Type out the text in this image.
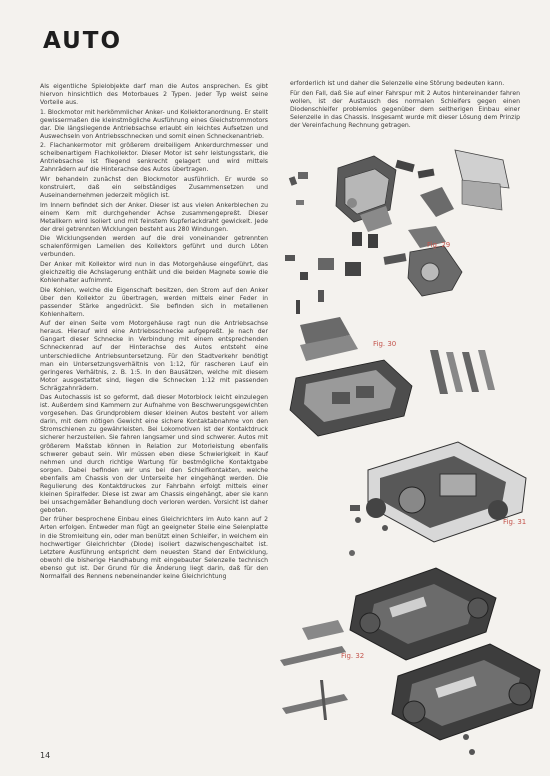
AUTO

Als eigentliche Spielobjekte darf man die Autos ansprechen. Es gibt hiervon hinsichtlich des Motorbaues 2 Typen. Jeder Typ weist seine Vorteile aus.

1. Blockmotor mit herkömmlicher Anker- und Kollektoranordnung. Er stellt gewissermaßen die kleinstmögliche Ausführung eines Gleichstrommotors dar. Die längsliegende Antriebsachse erlaubt ein leichtes Aufsetzen und Auswechseln von Antriebsschnecken und somit einen Schneckenantrieb.

2. Flachankermotor mit größerem dreiteiligem Ankerdurchmesser und scheibenartigem Flachkollektor. Dieser Motor ist sehr leistungsstark, die Antriebsachse ist fliegend senkrecht gelagert und wird mittels Zahnrädern auf die Hinterachse des Autos übertragen.

Wir behandeln zunächst den Blockmotor ausführlich. Er wurde so konstruiert, daß ein selbständiges Zusammensetzen und Auseinandernehmen jederzeit möglich ist.

Im Innern befindet sich der Anker. Dieser ist aus vielen Ankerblechen zu einem Kern mit durchgehender Achse zusammengepreßt. Dieser Metallkern wird isoliert und mit feinstem Kupferlackdraht gewickelt. Jede der drei getrennten Wicklungen besteht aus 280 Windungen.

Die Wicklungsenden werden auf die drei voneinander getrennten schalenförmigen Lamellen des Kollektors geführt und durch Löten verbunden.

Der Anker mit Kollektor wird nun in das Motorgehäuse eingeführt, das gleichzeitig die Achslagerung enthält und die beiden Magnete sowie die Kohlenhalter aufnimmt.

Die Kohlen, welche die Eigenschaft besitzen, den Strom auf den Anker über den Kollektor zu übertragen, werden mittels einer Feder in passender Stärke angedrückt. Sie befinden sich in metallenen Kohlenhaltern.

Auf der einen Seite vom Motorgehäuse ragt nun die Antriebsachse heraus. Hierauf wird eine Antriebsschnecke aufgepreßt. Je nach der Gangart dieser Schnecke in Verbindung mit einem entsprechenden Schneckenrad auf der Hinterachse des Autos entsteht eine unterschiedliche Antriebsuntersetzung. Für den Stadtverkehr benötigt man ein Untersetzungsverhältnis von 1:12, für rascheren Lauf ein geringeres Verhältnis, z. B. 1:5. In den Bausätzen, welche mit diesem Motor ausgestattet sind, liegen die Schnecken 1:12 mit passenden Schrägzahnrädern.

Das Autochassis ist so geformt, daß dieser Motorblock leicht einzulegen ist. Außerdem sind Kammern zur Aufnahme von Beschwerungsgewichten vorgesehen. Das Grundproblem dieser kleinen Autos besteht vor allem darin, mit dem nötigen Gewicht eine sichere Kontaktabnahme von den Stromschienen zu gewährleisten. Bei Lokomotiven ist der Kontaktdruck sicherer herzustellen. Sie fahren langsamer und sind schwerer. Autos mit größerem Maßstab können in Relation zur Motorleistung ebenfalls schwerer gebaut sein. Wir müssen eben diese Schwierigkeit in Kauf nehmen und durch richtige Wartung für bestmögliche Kontaktgabe sorgen. Dabei befinden wir uns bei den Schleifkontakten, welche ebenfalls am Chassis von der Unterseite her eingehängt werden. Die Regulierung des Kontaktdruckes zur Fahrbahn erfolgt mittels einer kleinen Spiralfeder. Diese ist zwar am Chassis eingehängt, aber sie kann bei unsachgemäßer Behandlung doch verloren werden. Vorsicht ist daher geboten.

Der früher besprochene Einbau eines Gleichrichters im Auto kann auf 2 Arten erfolgen. Entweder man fügt an geeigneter Stelle eine Selenplatte in die Stromleitung ein, oder man benützt einen Schleifer, in welchem ein hochwertiger Gleichrichter (Diode) isoliert dazwischengeschaltet ist. Letztere Ausführung entspricht dem neuesten Stand der Entwicklung, obwohl die bisherige Handhabung mit eingebauter Selenzelle technisch ebenso gut ist. Der Grund für die Änderung liegt darin, daß für den Normalfall des Rennens nebeneinander keine Gleichrichtung

erforderlich ist und daher die Selenzelle eine Störung bedeuten kann.

Für den Fall, daß Sie auf einer Fahrspur mit 2 Autos hintereinander fahren wollen, ist der Austausch des normalen Schleifers gegen einen Diodenschleifer problemlos gegenüber dem seitherigen Einbau einer Selenzelle in das Chassis. Insgesamt wurde mit dieser Lösung dem Prinzip der Vereinfachung Rechnung getragen.

Fig. 29
Fig. 30
Fig. 31
Fig. 32
14
